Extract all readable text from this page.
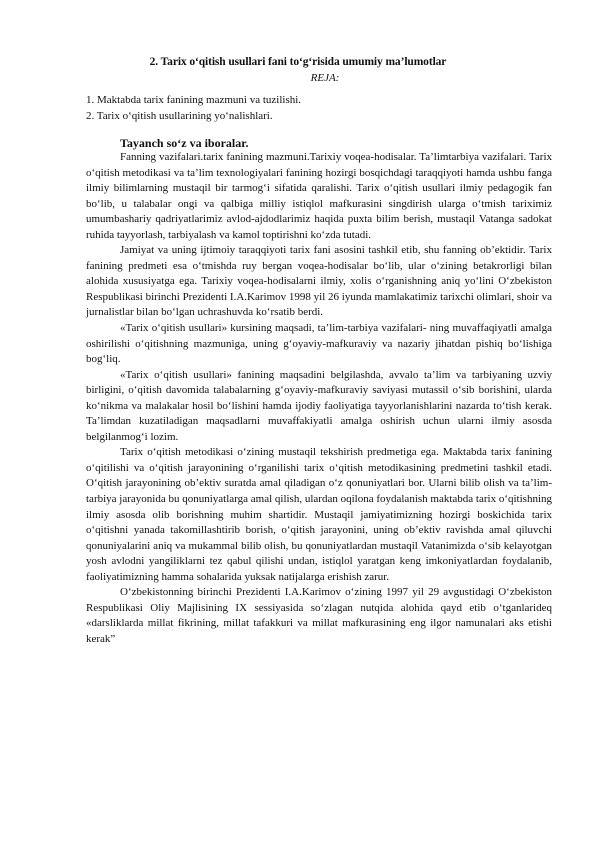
2. Tarix o‘qitish usullari fani to‘g‘risida umumiy ma’lumotlar
REJA:
1. Maktabda tarix fanining mazmuni va tuzilishi.
2. Tarix o‘qitish usullarining yo‘nalishlari.
Tayanch so‘z va iboralar.

Fanning vazifalari.tarix fanining mazmuni.Tarixiy voqea-hodisalar. Ta’limtarbiya vazifalari. Tarix o‘qitish metodikasi va ta’lim texnologiyalari fanining hozirgi bosqichdagi taraqqiyoti hamda ushbu fanga ilmiy bilimlarning mustaqil bir tarmog‘i sifatida qaralishi. Tarix o‘qitish usullari ilmiy pedagogik fan bo‘lib, u talabalar ongi va qalbiga milliy istiqlol mafkurasini singdirish ularga o‘tmish tariximiz umumbashariy qadriyatlarimiz avlod-ajdodlarimiz haqida puxta bilim berish, mustaqil Vatanga sadokat ruhida tayyorlash, tarbiyalash va kamol toptirishni ko‘zda tutadi.

Jamiyat va uning ijtimoiy taraqqiyoti tarix fani asosini tashkil etib, shu fanning ob’ektidir. Tarix fanining predmeti esa o‘tmishda ruy bergan voqea-hodisalar bo‘lib, ular o‘zining betakrorligi bilan alohida xususiyatga ega. Tarixiy voqea-hodisalarni ilmiy, xolis o‘rganishning aniq yo‘lini O‘zbekiston Respublikasi birinchi Prezidenti I.A.Karimov 1998 yil 26 iyunda mamlakatimiz tarixchi olimlari, shoir va jurnalistlar bilan bo‘lgan uchrashuvda ko‘rsatib berdi.

«Tarix o‘qitish usullari» kursining maqsadi, ta’lim-tarbiya vazifalari- ning muvaffaqiyatli amalga oshirilishi o‘qitishning mazmuniga, uning g‘oyaviy-mafkuraviy va nazariy jihatdan pishiq bo‘lishiga bog‘liq.

«Tarix o‘qitish usullari» fanining maqsadini belgilashda, avvalo ta’lim va tarbiyaning uzviy birligini, o‘qitish davomida talabalarning g‘oyaviy-mafkuraviy saviyasi mutassil o‘sib borishini, ularda ko‘nikma va malakalar hosil bo‘lishini hamda ijodiy faoliyatiga tayyorlanishlarini nazarda to‘tish kerak. Ta’limdan kuzatiladigan maqsadlarni muvaffakiyatli amalga oshirish uchun ularni ilmiy asosda belgilanmog‘i lozim.

Tarix o‘qitish metodikasi o‘zining mustaqil tekshirish predmetiga ega. Maktabda tarix fanining o‘qitilishi va o‘qitish jarayonining o‘rganilishi tarix o‘qitish metodikasining predmetini tashkil etadi. O‘qitish jarayonining ob’ektiv suratda amal qiladigan o‘z qonuniyatlari bor. Ularni bilib olish va ta’lim-tarbiya jarayonida bu qonuniyatlarga amal qilish, ulardan oqilona foydalanish maktabda tarix o‘qitishning ilmiy asosda olib borishning muhim shartidir. Mustaqil jamiyatimizning hozirgi boskichida tarix o‘qitishni yanada takomillashtirib borish, o‘qitish jarayonini, uning ob’ektiv ravishda amal qiluvchi qonuniyalarini aniq va mukammal bilib olish, bu qonuniyatlardan mustaqil Vatanimizda o‘sib kelayotgan yosh avlodni yangiliklarni tez qabul qilishi undan, istiqlol yaratgan keng imkoniyatlardan foydalanib, faoliyatimizning hamma sohalarida yuksak natijalarga erishish zarur.

O‘zbekistonning birinchi Prezidenti I.A.Karimov o‘zining 1997 yil 29 avgustidagi O‘zbekiston Respublikasi Oliy Majlisining IX sessiyasida so‘zlagan nutqida alohida qayd etib o‘tganlarideq «darsliklarda millat fikrining, millat tafakkuri va millat mafkurasining eng ilgor namunalari aks etishi kerak”
